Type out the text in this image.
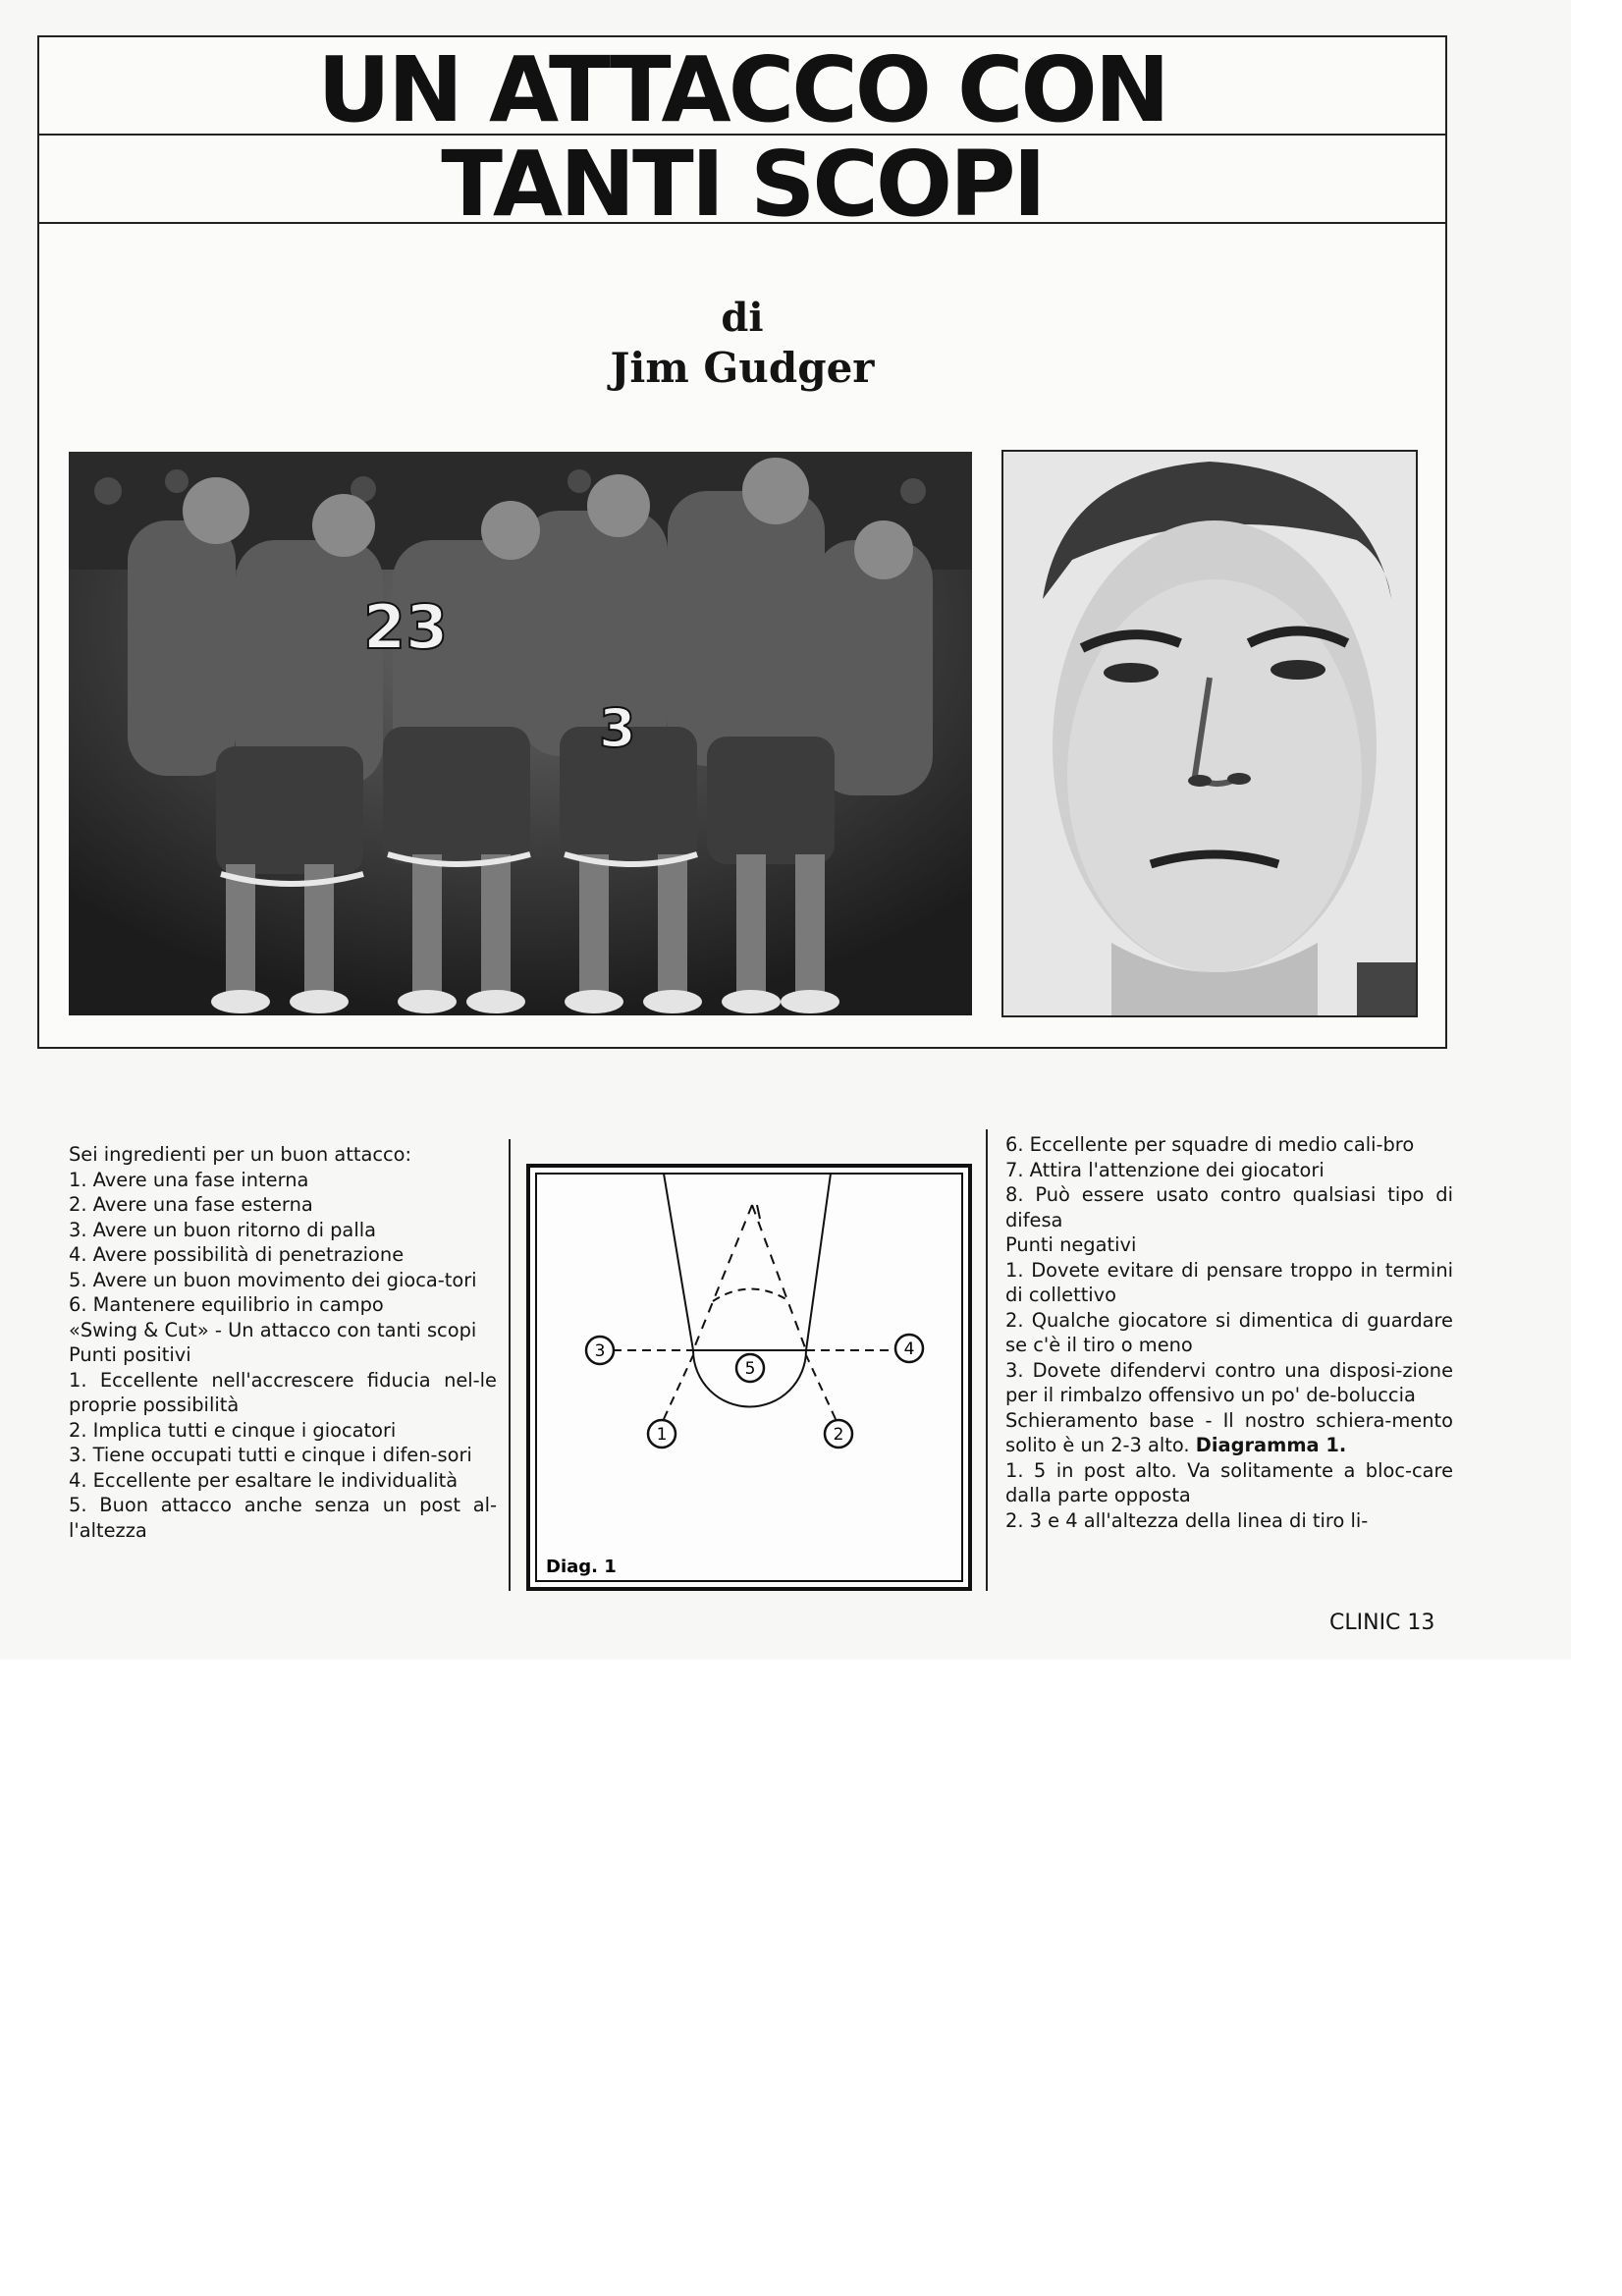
UN ATTACCO CON
TANTI SCOPI
di
Jim Gudger
23
3
Sei ingredienti per un buon attacco:
1. Avere una fase interna
2. Avere una fase esterna
3. Avere un buon ritorno di palla
4. Avere possibilità di penetrazione
5. Avere un buon movimento dei gioca-tori
6. Mantenere equilibrio in campo
«Swing & Cut» - Un attacco con tanti scopi
Punti positivi
1. Eccellente nell'accrescere fiducia nel-le proprie possibilità
2. Implica tutti e cinque i giocatori
3. Tiene occupati tutti e cinque i difen-sori
4. Eccellente per esaltare le individualità
5. Buon attacco anche senza un post al-l'altezza
3	4
5
1	2
Diag. 1
6. Eccellente per squadre di medio cali-bro
7. Attira l'attenzione dei giocatori
8. Può essere usato contro qualsiasi tipo di difesa
Punti negativi
1. Dovete evitare di pensare troppo in termini di collettivo
2. Qualche giocatore si dimentica di guardare se c'è il tiro o meno
3. Dovete difendervi contro una disposi-zione per il rimbalzo offensivo un po' de-boluccia
Schieramento base - Il nostro schiera-mento solito è un 2-3 alto. Diagramma 1.
1. 5 in post alto. Va solitamente a bloc-care dalla parte opposta
2. 3 e 4 all'altezza della linea di tiro li-
CLINIC 13
